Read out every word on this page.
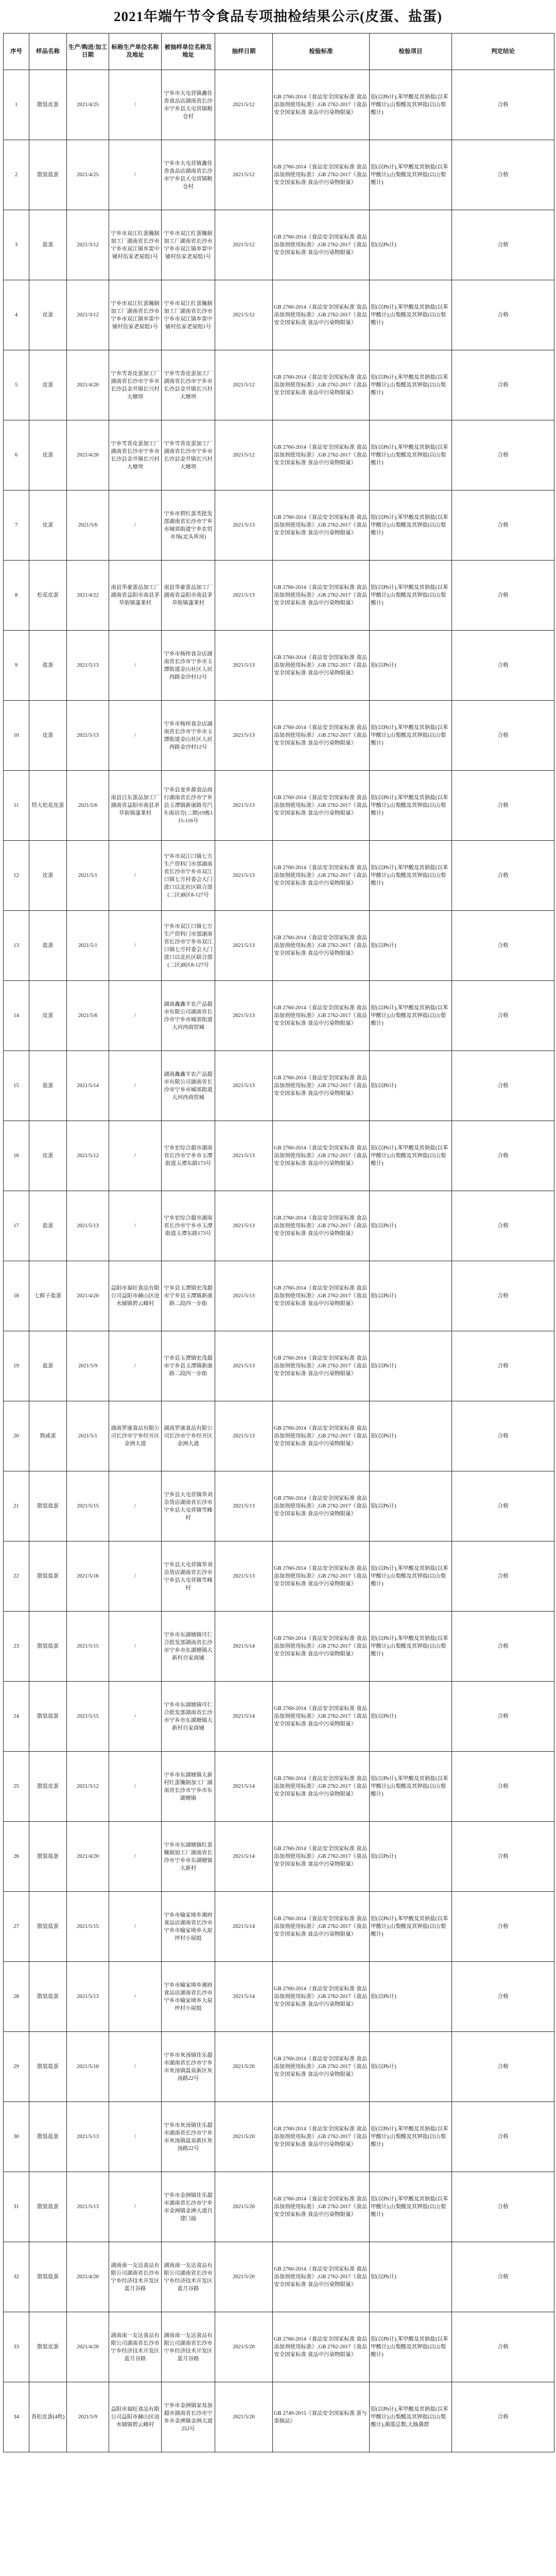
2021年端午节令食品专项抽检结果公示(皮蛋、盐蛋)
序号	样品名称	生产/购进/加工日期	标称生产单位名称及地址	被抽样单位名称及地址	抽样日期	检验标准	检验项目	判定结论
1	散装皮蛋	2021/4/25	/	宁乡市大屯营镇鑫佳香食品店湖南省长沙市宁乡县大屯营镇粮仓村	2021/5/12	GB 2760-2014《食品安全国家标准 食品添加剂使用标准》,GB 2762-2017《食品安全国家标准 食品中污染物限量》	铅(以Pb计),苯甲酸及其钠盐(以苯甲酸计),山梨酸及其钾盐(以山梨酸计)	合格
2	散装盐蛋	2021/4/25	/	宁乡市大屯营镇鑫佳香食品店湖南省长沙市宁乡县大屯营镇粮仓村	2021/5/12	GB 2760-2014《食品安全国家标准 食品添加剂使用标准》,GB 2762-2017《食品安全国家标准 食品中污染物限量》	铅(以Pb计),苯甲酸及其钠盐(以苯甲酸计),山梨酸及其钾盐(以山梨酸计)	合格
3	盐蛋	2021/3/12	宁乡市双江红蛋腌制加工厂湖南省长沙市宁乡市双江镇乡雷中铺村伍家老屋组1号	宁乡市双江红蛋腌制加工厂湖南省长沙市宁乡市双江镇乡雷中铺村伍家老屋组1号	2021/5/12	GB 2760-2014《食品安全国家标准 食品添加剂使用标准》,GB 2762-2017《食品安全国家标准 食品中污染物限量》	铅(以Pb计)	合格
4	皮蛋	2021/3/12	宁乡市双江红蛋腌制加工厂湖南省长沙市宁乡市双江镇乡雷中铺村伍家老屋组1号	宁乡市双江红蛋腌制加工厂湖南省长沙市宁乡市双江镇乡雷中铺村伍家老屋组1号	2021/5/12	GB 2760-2014《食品安全国家标准 食品添加剂使用标准》,GB 2762-2017《食品安全国家标准 食品中污染物限量》	铅(以Pb计),苯甲酸及其钠盐(以苯甲酸计),山梨酸及其钾盐(以山梨酸计)	合格
5	皮蛋	2021/4/20	宁乡雪香皮蛋加工厂湖南省长沙市宁乡市长沙县金井镇长兴村大塘坝	宁乡雪香皮蛋加工厂湖南省长沙市宁乡市长沙县金井镇长兴村大塘坝	2021/5/12	GB 2760-2014《食品安全国家标准 食品添加剂使用标准》,GB 2762-2017《食品安全国家标准 食品中污染物限量》	铅(以Pb计),苯甲酸及其钠盐(以苯甲酸计),山梨酸及其钾盐(以山梨酸计)	合格
6	皮蛋	2021/4/20	宁乡雪香皮蛋加工厂湖南省长沙市宁乡市长沙县金井镇长兴村大塘坝	宁乡雪香皮蛋加工厂湖南省长沙市宁乡市长沙县金井镇长兴村大塘坝	2021/5/12	GB 2760-2014《食品安全国家标准 食品添加剂使用标准》,GB 2762-2017《食品安全国家标准 食品中污染物限量》	铅(以Pb计),苯甲酸及其钠盐(以苯甲酸计),山梨酸及其钾盐(以山梨酸计)	合格
7	皮蛋	2021/5/6	/	宁乡市碧红蛋类批发部湖南省长沙市宁乡市城郊街道宁乡农贸市场(北头库房)	2021/5/13	GB 2760-2014《食品安全国家标准 食品添加剂使用标准》,GB 2762-2017《食品安全国家标准 食品中污染物限量》	铅(以Pb计),苯甲酸及其钠盐(以苯甲酸计),山梨酸及其钾盐(以山梨酸计)	合格
8	松花皮蛋	2021/4/22	南县华豪蛋品加工厂湖南省益阳市南县茅草街镇蓬莱村	南县华豪蛋品加工厂湖南省益阳市南县茅草街镇蓬莱村	2021/5/13	GB 2760-2014《食品安全国家标准 食品添加剂使用标准》,GB 2762-2017《食品安全国家标准 食品中污染物限量》	铅(以Pb计),苯甲酸及其钠盐(以苯甲酸计),山梨酸及其钾盐(以山梨酸计)	合格
9	盐蛋	2021/5/13	/	宁乡市杨炜食杂店湖南省长沙市宁乡市玉潭街道金山社区人民西路金沙村12号	2021/5/13	GB 2760-2014《食品安全国家标准 食品添加剂使用标准》,GB 2762-2017《食品安全国家标准 食品中污染物限量》	铅(以Pb计)	合格
10	皮蛋	2021/5/13	/	宁乡市杨炜食杂店湖南省长沙市宁乡市玉潭街道金山社区人民西路金沙村12号	2021/5/13	GB 2760-2014《食品安全国家标准 食品添加剂使用标准》,GB 2762-2017《食品安全国家标准 食品中污染物限量》	铅(以Pb计),苯甲酸及其钠盐(以苯甲酸计),山梨酸及其钾盐(以山梨酸计)	合格
11	特大松花皮蛋	2021/5/6	南县吕东蛋品加工厂湖南省益阳市南县茅草街镇蓬莱村	宁乡县麦乡源食品商行湖南省长沙市宁乡县玉潭镇新康路旁汽车南站旁(二期)19栋115-116号	2021/5/13	GB 2760-2014《食品安全国家标准 食品添加剂使用标准》,GB 2762-2017《食品安全国家标准 食品中污染物限量》	铅(以Pb计),苯甲酸及其钠盐(以苯甲酸计),山梨酸及其钾盐(以山梨酸计)	合格
12	皮蛋	2021/5/1	/	宁乡市双江口镇七方生产资料门市部湖南省长沙市宁乡市双江口镇七方村委会大门进口以北社区联合部(二区)B区8-127号	2021/5/13	GB 2760-2014《食品安全国家标准 食品添加剂使用标准》,GB 2762-2017《食品安全国家标准 食品中污染物限量》	铅(以Pb计),苯甲酸及其钠盐(以苯甲酸计),山梨酸及其钾盐(以山梨酸计)	合格
13	盐蛋	2021/5/1	/	宁乡市双江口镇七方生产资料门市部湖南省长沙市宁乡市双江口镇七方村委会大门进口以北社区联合部(二区)B区8-127号	2021/5/13	GB 2760-2014《食品安全国家标准 食品添加剂使用标准》,GB 2762-2017《食品安全国家标准 食品中污染物限量》	铅(以Pb计)	合格
14	皮蛋	2021/5/6	/	湖南鑫鑫平农产品超市有限公司湖南省长沙市宁乡市城郊街道大河西商贸城	2021/5/13	GB 2760-2014《食品安全国家标准 食品添加剂使用标准》,GB 2762-2017《食品安全国家标准 食品中污染物限量》	铅(以Pb计),苯甲酸及其钠盐(以苯甲酸计),山梨酸及其钾盐(以山梨酸计)	合格
15	盐蛋	2021/5/14	/	湖南鑫鑫平农产品超市有限公司湖南省长沙市宁乡市城郊街道大河西商贸城	2021/5/13	GB 2760-2014《食品安全国家标准 食品添加剂使用标准》,GB 2762-2017《食品安全国家标准 食品中污染物限量》	铅(以Pb计)	合格
16	皮蛋	2021/5/12	/	宁乡宏综合超市湖南省长沙市宁乡市玉潭街道玉潭东路173号	2021/5/13	GB 2760-2014《食品安全国家标准 食品添加剂使用标准》,GB 2762-2017《食品安全国家标准 食品中污染物限量》	铅(以Pb计),苯甲酸及其钠盐(以苯甲酸计),山梨酸及其钾盐(以山梨酸计)	合格
17	盐蛋	2021/5/13	/	宁乡宏综合超市湖南省长沙市宁乡市玉潭街道玉潭东路173号	2021/5/13	GB 2760-2014《食品安全国家标准 食品添加剂使用标准》,GB 2762-2017《食品安全国家标准 食品中污染物限量》	铅(以Pb计)	合格
18	七鲜子盐蛋	2021/4/20	益阳市福旺食品有限公司益阳市赫山区沧水铺镇碧云峰村	宁乡县玉潭镇宏茂超市宁乡县玉潭镇新康路二段四一步街	2021/5/13	GB 2760-2014《食品安全国家标准 食品添加剂使用标准》,GB 2762-2017《食品安全国家标准 食品中污染物限量》	铅(以Pb计)	合格
19	盐蛋	2021/5/9	/	宁乡县玉潭镇宏茂超市宁乡县玉潭镇新康路二段四一步街	2021/5/13	GB 2760-2014《食品安全国家标准 食品添加剂使用标准》,GB 2762-2017《食品安全国家标准 食品中污染物限量》	铅(以Pb计)	合格
20	熟咸蛋	2021/5/1	湖南罗康食品有限公司长沙市宁乡经开区金洲大道	湖南罗康食品有限公司长沙市宁乡经开区金洲大道	2021/5/13	GB 2760-2014《食品安全国家标准 食品添加剂使用标准》,GB 2762-2017《食品安全国家标准 食品中污染物限量》	铅(以Pb计)	合格
21	散装盐蛋	2021/5/15	/	宁乡县大屯营镇华刘杂货店湖南省长沙市宁乡县大屯营镇雪峰村	2021/5/13	GB 2760-2014《食品安全国家标准 食品添加剂使用标准》,GB 2762-2017《食品安全国家标准 食品中污染物限量》	铅(以Pb计)	合格
22	散装盐蛋	2021/5/16	/	宁乡县大屯营镇华刘杂货店湖南省长沙市宁乡县大屯营镇雪峰村	2021/5/13	GB 2760-2014《食品安全国家标准 食品添加剂使用标准》,GB 2762-2017《食品安全国家标准 食品中污染物限量》	铅(以Pb计),苯甲酸及其钠盐(以苯甲酸计),山梨酸及其钾盐(以山梨酸计)	合格
23	散装盐蛋	2021/5/15	/	宁乡市东湖塘镇可仁合批发部湖南省长沙市宁乡市东湖塘镇大新村自家商铺	2021/5/14	GB 2760-2014《食品安全国家标准 食品添加剂使用标准》,GB 2762-2017《食品安全国家标准 食品中污染物限量》	铅(以Pb计),苯甲酸及其钠盐(以苯甲酸计),山梨酸及其钾盐(以山梨酸计)	合格
24	散装盐蛋	2021/5/15	/	宁乡市东湖塘镇可仁合批发部湖南省长沙市宁乡市东湖塘镇大新村自家商铺	2021/5/14	GB 2760-2014《食品安全国家标准 食品添加剂使用标准》,GB 2762-2017《食品安全国家标准 食品中污染物限量》	铅(以Pb计)	合格
25	散装皮蛋	2021/3/12	/	宁乡市东湖塘镇大新村红蛋腌制加工厂湖南省长沙市宁乡市东湖塘镇	2021/5/14	GB 2760-2014《食品安全国家标准 食品添加剂使用标准》,GB 2762-2017《食品安全国家标准 食品中污染物限量》	铅(以Pb计),苯甲酸及其钠盐(以苯甲酸计),山梨酸及其钾盐(以山梨酸计)	合格
26	散装盐蛋	2021/4/20	/	宁乡市东湖塘镇红蛋腌制加工厂湖南省长沙市宁乡市东湖塘镇大新村	2021/5/14	GB 2760-2014《食品安全国家标准 食品添加剂使用标准》,GB 2762-2017《食品安全国家标准 食品中污染物限量》	铅(以Pb计)	合格
27	散装盐蛋	2021/5/15	/	宁乡市喻家坳乡湘府食品店湖南省长沙市宁乡市喻家坳乡大屋坪村小屋组	2021/5/14	GB 2760-2014《食品安全国家标准 食品添加剂使用标准》,GB 2762-2017《食品安全国家标准 食品中污染物限量》	铅(以Pb计),苯甲酸及其钠盐(以苯甲酸计),山梨酸及其钾盐(以山梨酸计)	合格
28	散装盐蛋	2021/5/13	/	宁乡市喻家坳乡湘府食品店湖南省长沙市宁乡市喻家坳乡大屋坪村小屋组	2021/5/14	GB 2760-2014《食品安全国家标准 食品添加剂使用标准》,GB 2762-2017《食品安全国家标准 食品中污染物限量》	铅(以Pb计)	合格
29	散装盐蛋	2021/5/10	/	宁乡市灰汤镇佳乐超市湖南省长沙市宁乡市灰汤镇温泉新区灰汤路22号	2021/5/20	GB 2760-2014《食品安全国家标准 食品添加剂使用标准》,GB 2762-2017《食品安全国家标准 食品中污染物限量》	铅(以Pb计)	合格
30	散装盐蛋	2021/5/13	/	宁乡市灰汤镇佳乐超市湖南省长沙市宁乡市灰汤镇温泉新区灰汤路22号	2021/5/20	GB 2760-2014《食品安全国家标准 食品添加剂使用标准》,GB 2762-2017《食品安全国家标准 食品中污染物限量》	铅(以Pb计),苯甲酸及其钠盐(以苯甲酸计),山梨酸及其钾盐(以山梨酸计)	合格
31	散装盐蛋	2021/5/13	/	宁乡市金洲镇佳乐超市湖南省长沙市宁乡市金洲镇金洲大道自建门面	2021/5/20	GB 2760-2014《食品安全国家标准 食品添加剂使用标准》,GB 2762-2017《食品安全国家标准 食品中污染物限量》	铅(以Pb计),苯甲酸及其钠盐(以苯甲酸计),山梨酸及其钾盐(以山梨酸计)	合格
32	散装盐蛋	2021/4/20	湖南南一友达食品有限公司湖南省长沙市宁乡经济技术开发区蓝月谷路	湖南南一友达食品有限公司湖南省长沙市宁乡经济技术开发区蓝月谷路	2021/5/20	GB 2760-2014《食品安全国家标准 食品添加剂使用标准》,GB 2762-2017《食品安全国家标准 食品中污染物限量》	铅(以Pb计)	合格
33	散装皮蛋	2021/4/20	湖南南一友达食品有限公司湖南省长沙市宁乡经济技术开发区蓝月谷路	湖南南一友达食品有限公司湖南省长沙市宁乡经济技术开发区蓝月谷路	2021/5/20	GB 2760-2014《食品安全国家标准 食品添加剂使用标准》,GB 2762-2017《食品安全国家标准 食品中污染物限量》	铅(以Pb计),苯甲酸及其钠盐(以苯甲酸计),山梨酸及其钾盐(以山梨酸计)	合格
34	香松皮蛋(4枚)	2021/5/9	益阳市福旺食品有限公司益阳市赫山区沧水铺镇碧云峰村	宁乡市金洲镇家易加超市湖南省长沙市宁乡市金洲镇金洲大道252号	2021/5/20	GB 2749-2015《食品安全国家标准 蛋与蛋制品》	铅(以Pb计),苯甲酸及其钠盐(以苯甲酸计),山梨酸及其钾盐(以山梨酸计),菌落总数,大肠菌群	合格
